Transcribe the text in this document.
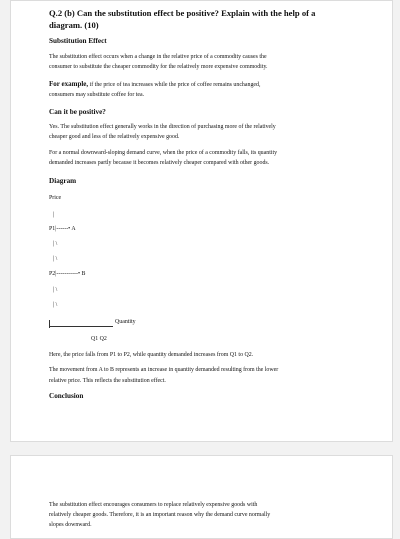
Q.2 (b) Can the substitution effect be positive? Explain with the help of a
diagram. (10)
Substitution Effect
The substitution effect occurs when a change in the relative price of a commodity causes the
consumer to substitute the cheaper commodity for the relatively more expensive commodity.
For example, if the price of tea increases while the price of coffee remains unchanged,
consumers may substitute coffee for tea.
Can it be positive?
Yes. The substitution effect generally works in the direction of purchasing more of the relatively
cheaper good and less of the relatively expensive good.
For a normal downward-sloping demand curve, when the price of a commodity falls, its quantity
demanded increases partly because it becomes relatively cheaper compared with other goods.
Diagram
Price
|
P1|------• A
| \
| \
P2|-----------• B
| \
| \
Quantity
Q1 Q2
Here, the price falls from P1 to P2, while quantity demanded increases from Q1 to Q2.
The movement from A to B represents an increase in quantity demanded resulting from the lower
relative price. This reflects the substitution effect.
Conclusion
The substitution effect encourages consumers to replace relatively expensive goods with
relatively cheaper goods. Therefore, it is an important reason why the demand curve normally
slopes downward.
